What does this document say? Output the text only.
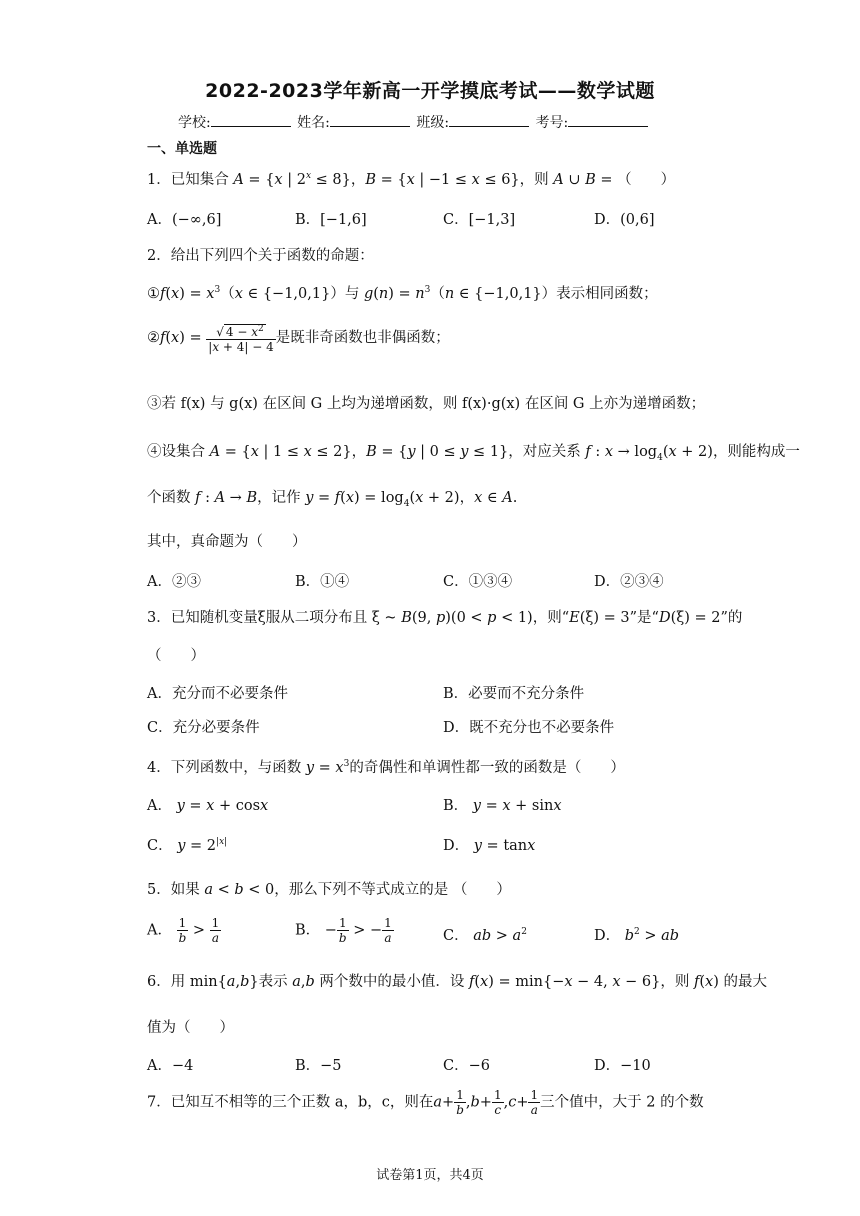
2022-2023学年新高一开学摸底考试——数学试题
学校:	姓名:	班级:	考号:
一、单选题
1．已知集合 A = {x | $2^x \le 8$}，B = {x | −1 ≤ x ≤ 6}，则 A ∪ B = （　　）
A．(−∞,6]	B．[−1,6]	C．[−1,3]	D．(0,6]
2．给出下列四个关于函数的命题：
①f(x) = $x^3(x$ ∈ {−1,0,1}）与 $g(n) = n^3(n$ ∈ {−1,0,1}）表示相同函数；
②f(x) = $\frac{√ 4 - x^2}{|x + 4| - 4}$ 是既非奇函数也非偶函数；
③若 f(x) 与 g(x) 在区间 G 上均为递增函数，则 f(x)·g(x) 在区间 G 上亦为递增函数；
④设集合 A = {x | 1 ≤ x ≤ 2}，B = {y | 0 ≤ y ≤ 1}，对应关系 f : $x \to \log_4(x + 2)$，则能构成一
个函数 f : A → B，记作 $y = f(x) = \log_4(x + 2)$，x ∈ A.
其中，真命题为（　　）
A．②③	B．①④	C．①③④	D．②③④
3．已知随机变量ξ服从二项分布且 ξ ~ B(9, p)(0 < p < 1)，则“E(ξ) = 3”是“D(ξ) = 2”的
（　　）
A．充分而不必要条件	B．必要而不充分条件
C．充分必要条件	D．既不充分也不必要条件
4．下列函数中，与函数 $y = x^3$的奇偶性和单调性都一致的函数是（　　）
A． y = x + cosx	B． y = x + sinx
C． $y = 2^{|x|}$	D． y = tanx
5．如果 a < b < 0，那么下列不等式成立的是 （　　）
A． $\frac{1}{b} > \frac{1}{a}$	B． − $\frac{1}{b}$ > − $\frac{1}{a}$	C． ab > $a^2$	D． $b^2$ > ab
6．用 min{a,b}表示 a,b 两个数中的最小值．设 f(x) = min{−x − 4, x − 6}，则 f(x) 的最大
值为（　　）
A．−4	B．−5	C．−6	D．−10
7．已知互不相等的三个正数 a，b，c，则在$a+ \frac{1}{b} ,b+ \frac{1}{c} ,c+ \frac{1}{a}$ 三个值中，大于 2 的个数
试卷第1页，共4页
